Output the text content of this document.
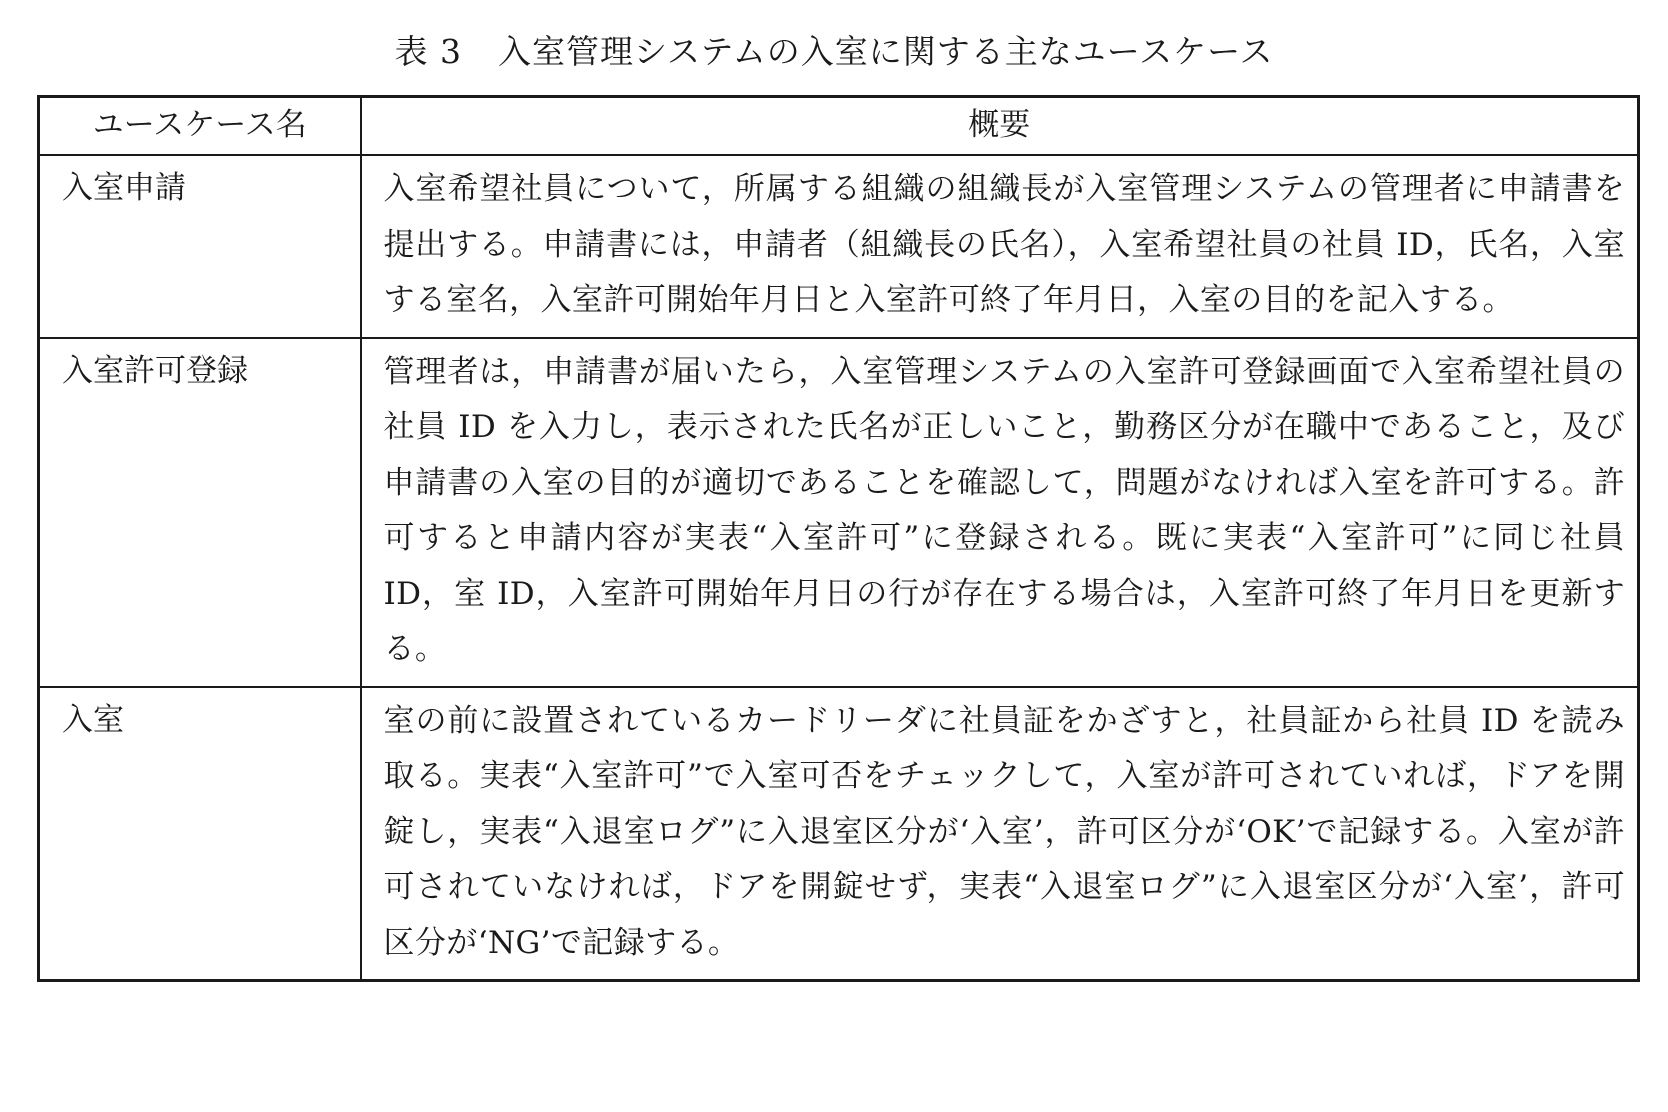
表 3 入室管理システムの入室に関する主なユースケース
ユースケース名	概要
入室申請	入室希望社員について，所属する組織の組織長が入室管理システムの管理者に申請書を提出する。申請書には，申請者（組織長の氏名），入室希望社員の社員 ID，氏名，入室する室名，入室許可開始年月日と入室許可終了年月日，入室の目的を記入する。
入室許可登録	管理者は，申請書が届いたら，入室管理システムの入室許可登録画面で入室希望社員の社員 ID を入力し，表示された氏名が正しいこと，勤務区分が在職中であること，及び申請書の入室の目的が適切であることを確認して，問題がなければ入室を許可する。許可すると申請内容が実表“入室許可”に登録される。既に実表“入室許可”に同じ社員 ID，室 ID，入室許可開始年月日の行が存在する場合は，入室許可終了年月日を更新する。
入室	室の前に設置されているカードリーダに社員証をかざすと，社員証から社員 ID を読み取る。実表“入室許可”で入室可否をチェックして，入室が許可されていれば，ドアを開錠し，実表“入退室ログ”に入退室区分が‘入室’，許可区分が‘OK’で記録する。入室が許可されていなければ，ドアを開錠せず，実表“入退室ログ”に入退室区分が‘入室’，許可区分が‘NG’で記録する。
